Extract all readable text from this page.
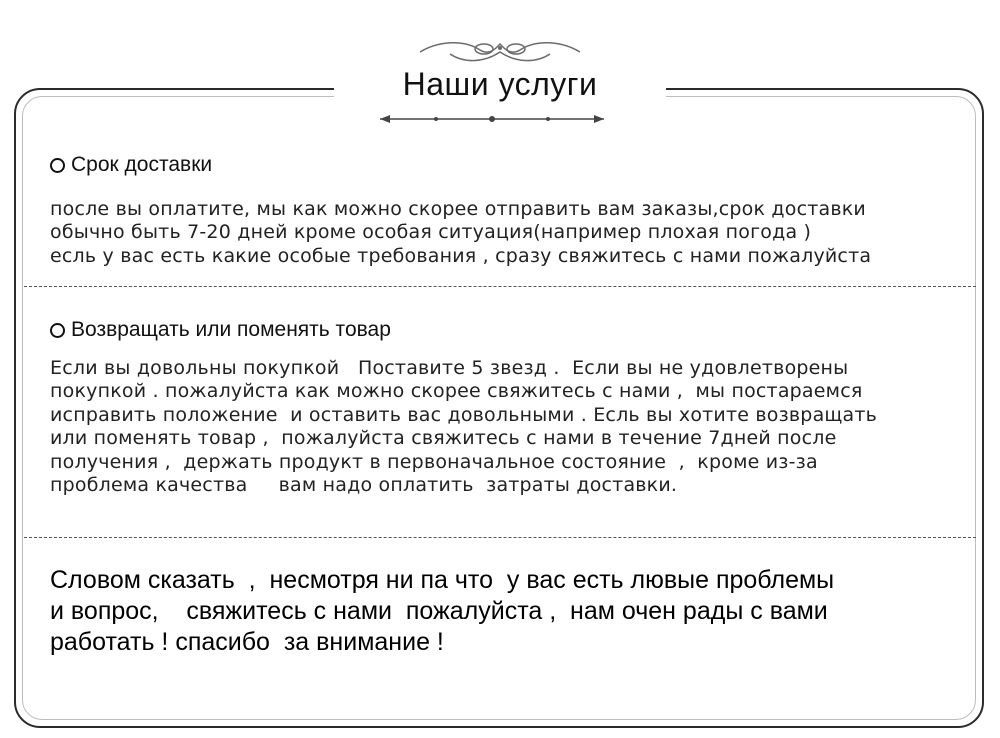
Наши услуги
Срок доставки
после вы оплатите, мы как можно скорее отправить вам заказы,срок доставки
обычно быть 7-20 дней кроме особая ситуация(например плохая погода )
есль у вас есть какие особые требования , сразу свяжитесь с нами пожалуйста
Возвращать или поменять товар
Если вы довольны покупкой   Поставите 5 звезд .  Если вы не удовлетворены
покупкой . пожалуйста как можно скорее свяжитесь с нами ,  мы постараемся
исправить положение  и оставить вас довольными . Есль вы хотите возвращать
или поменять товар ,  пожалуйста свяжитесь с нами в течение 7дней после
получения ,  держать продукт в первоначальное состояние  ,  кроме из-за
проблема качества     вам надо оплатить  затраты доставки.
Словом сказать  ,  несмотря ни па что  у вас есть лювые проблемы
и вопрос,    свяжитесь с нами  пожалуйста ,  нам очен рады с вами
работать ! спасибо  за внимание !
